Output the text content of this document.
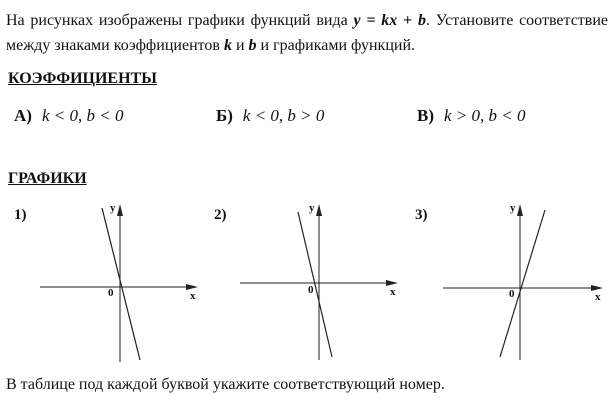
На рисунках изображены графики функций вида y = kx + b. Установите соответствие между знаками коэффициентов k и b и графиками функций.
КОЭФФИЦИЕНТЫ
А) k < 0, b < 0	Б) k < 0, b > 0	В) k > 0, b < 0
ГРАФИКИ
1)	y
x
0
2)	y
x
0
3)	y
x
0
В таблице под каждой буквой укажите соответствующий номер.
